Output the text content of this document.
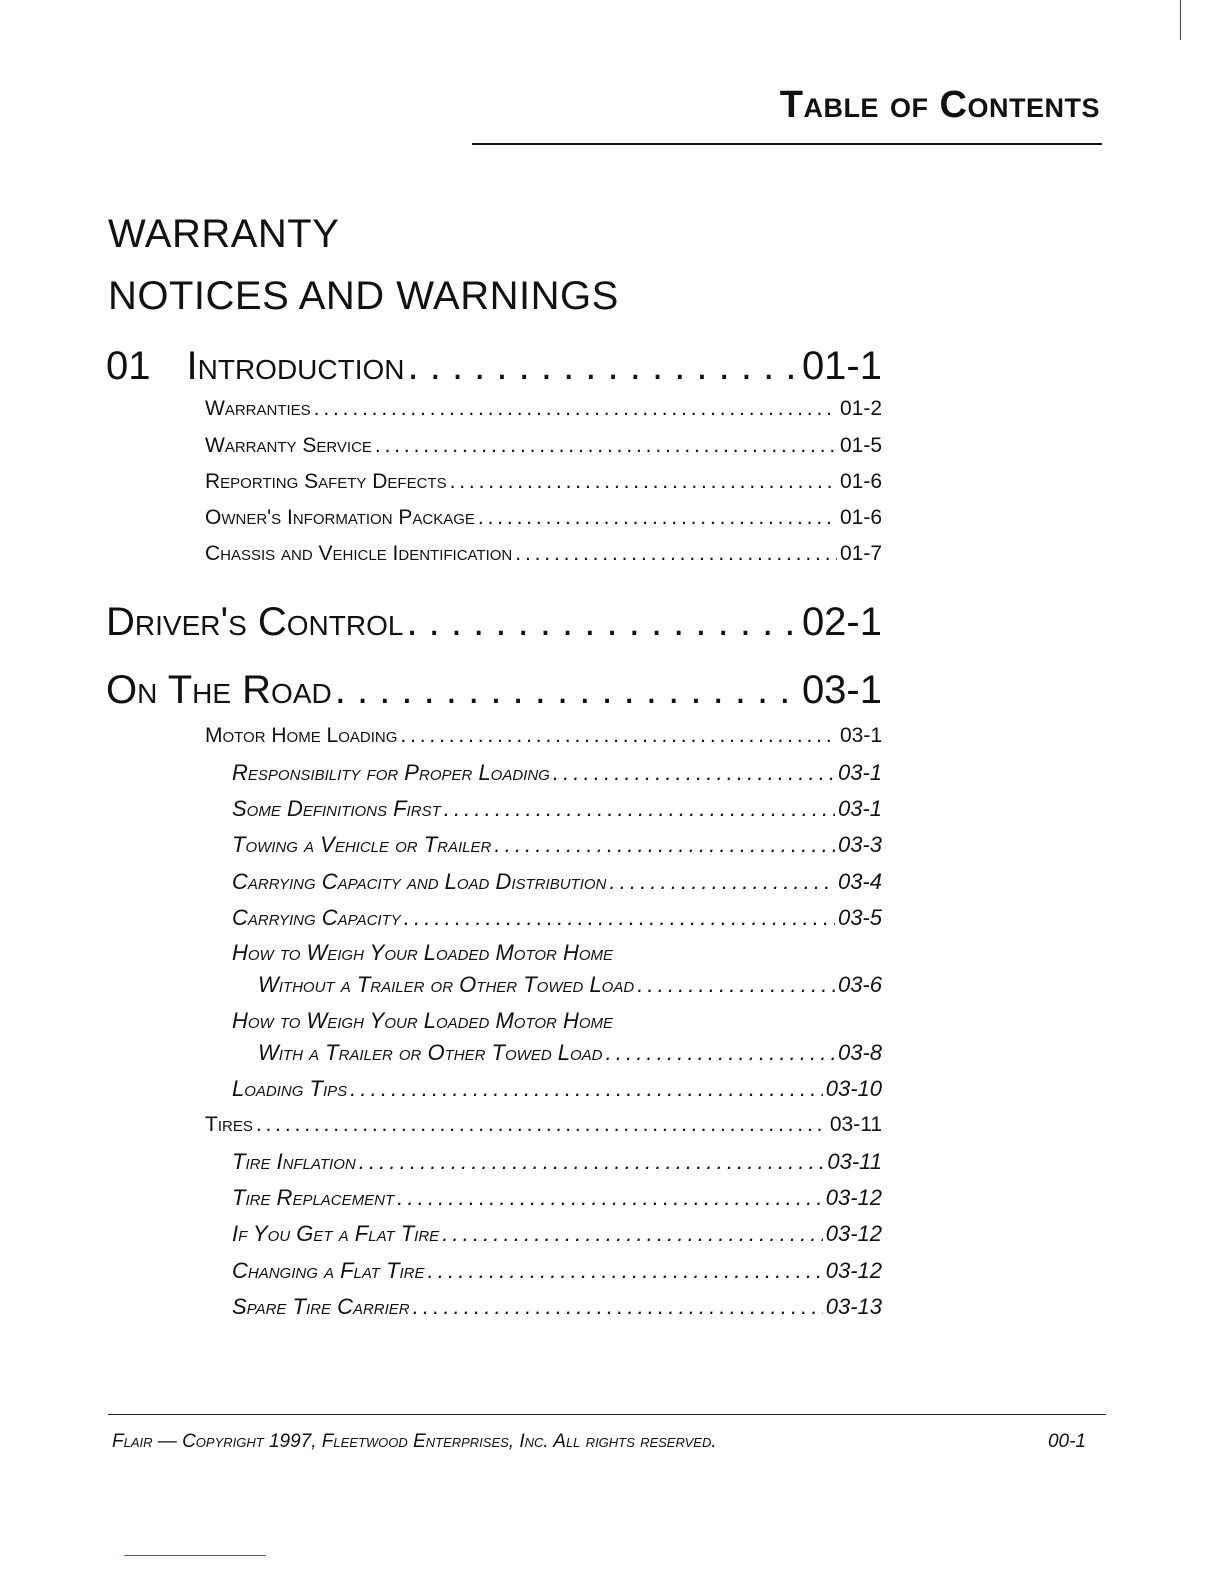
Table of Contents
WARRANTY
NOTICES AND WARNINGS
01 Introduction . . .	01-1
Warranties . . .	01-2
Warranty Service . . .	01-5
Reporting Safety Defects . . .	01-6
Owner's Information Package . . .	01-6
Chassis and Vehicle Identification . . .	01-7
Driver's Control . . .	02-1
On The Road . . .	03-1
Motor Home Loading . . .	03-1
Responsibility for Proper Loading . . .	03-1
Some Definitions First . . .	03-1
Towing a Vehicle or Trailer . . .	03-3
Carrying Capacity and Load Distribution . . .	03-4
Carrying Capacity . . .	03-5
How to Weigh Your Loaded Motor Home
Without a Trailer or Other Towed Load . . .	03-6
How to Weigh Your Loaded Motor Home
With a Trailer or Other Towed Load . . .	03-8
Loading Tips . . .	03-10
Tires . . .	03-11
Tire Inflation . . .	03-11
Tire Replacement . . .	03-12
If You Get a Flat Tire . . .	03-12
Changing a Flat Tire . . .	03-12
Spare Tire Carrier . . .	03-13
Flair — Copyright 1997, Fleetwood Enterprises, Inc. All rights reserved.	00-1
